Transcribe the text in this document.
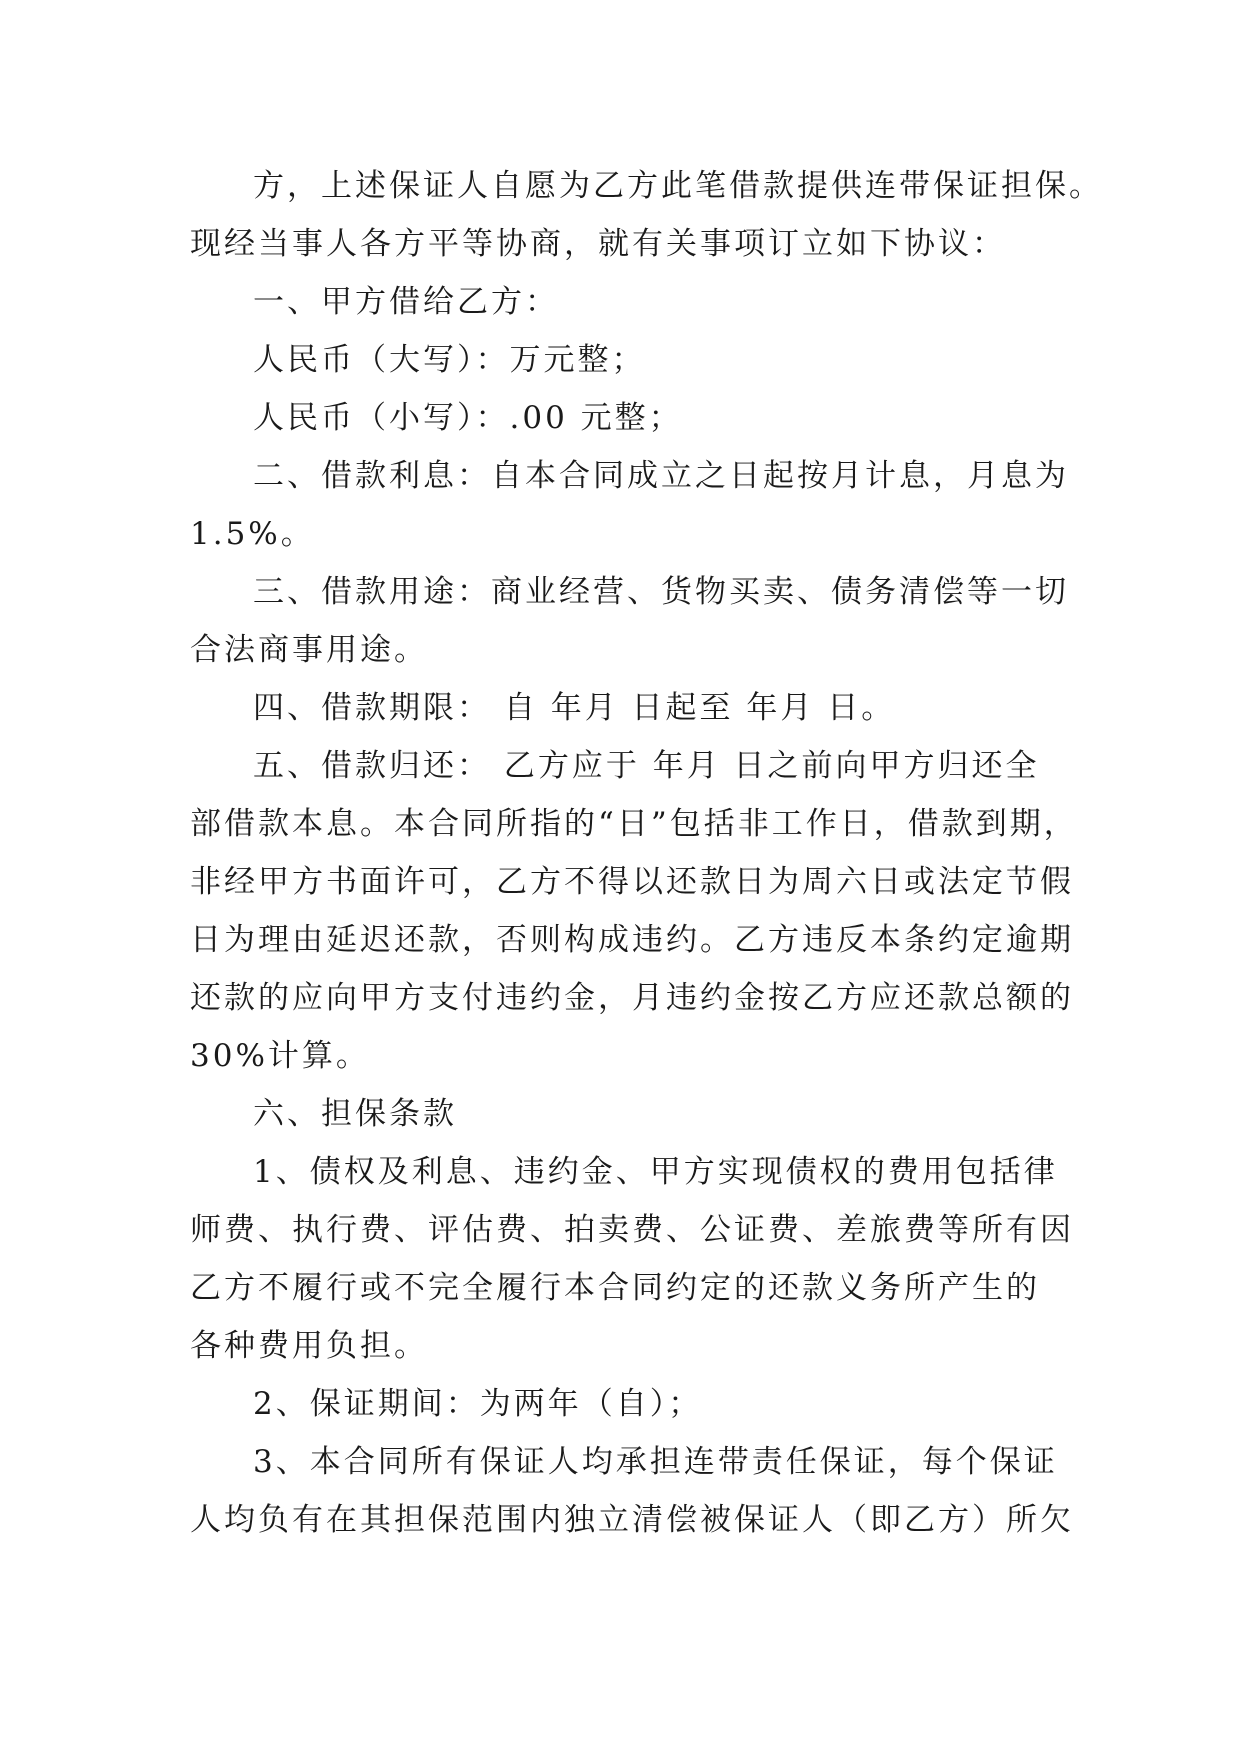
方，上述保证人自愿为乙方此笔借款提供连带保证担保。
现经当事人各方平等协商，就有关事项订立如下协议：
一、甲方借给乙方：
人民币（大写）：万元整；
人民币（小写）：.00 元整；
二、借款利息：自本合同成立之日起按月计息，月息为
1.5%。
三、借款用途：商业经营、货物买卖、债务清偿等一切
合法商事用途。
四、借款期限： 自 年月 日起至 年月 日。
五、借款归还： 乙方应于 年月 日之前向甲方归还全
部借款本息。本合同所指的“日”包括非工作日，借款到期，
非经甲方书面许可，乙方不得以还款日为周六日或法定节假
日为理由延迟还款，否则构成违约。乙方违反本条约定逾期
还款的应向甲方支付违约金，月违约金按乙方应还款总额的
30%计算。
六、担保条款
1、债权及利息、违约金、甲方实现债权的费用包括律
师费、执行费、评估费、拍卖费、公证费、差旅费等所有因
乙方不履行或不完全履行本合同约定的还款义务所产生的
各种费用负担。
2、保证期间：为两年（自）；
3、本合同所有保证人均承担连带责任保证，每个保证
人均负有在其担保范围内独立清偿被保证人（即乙方）所欠
